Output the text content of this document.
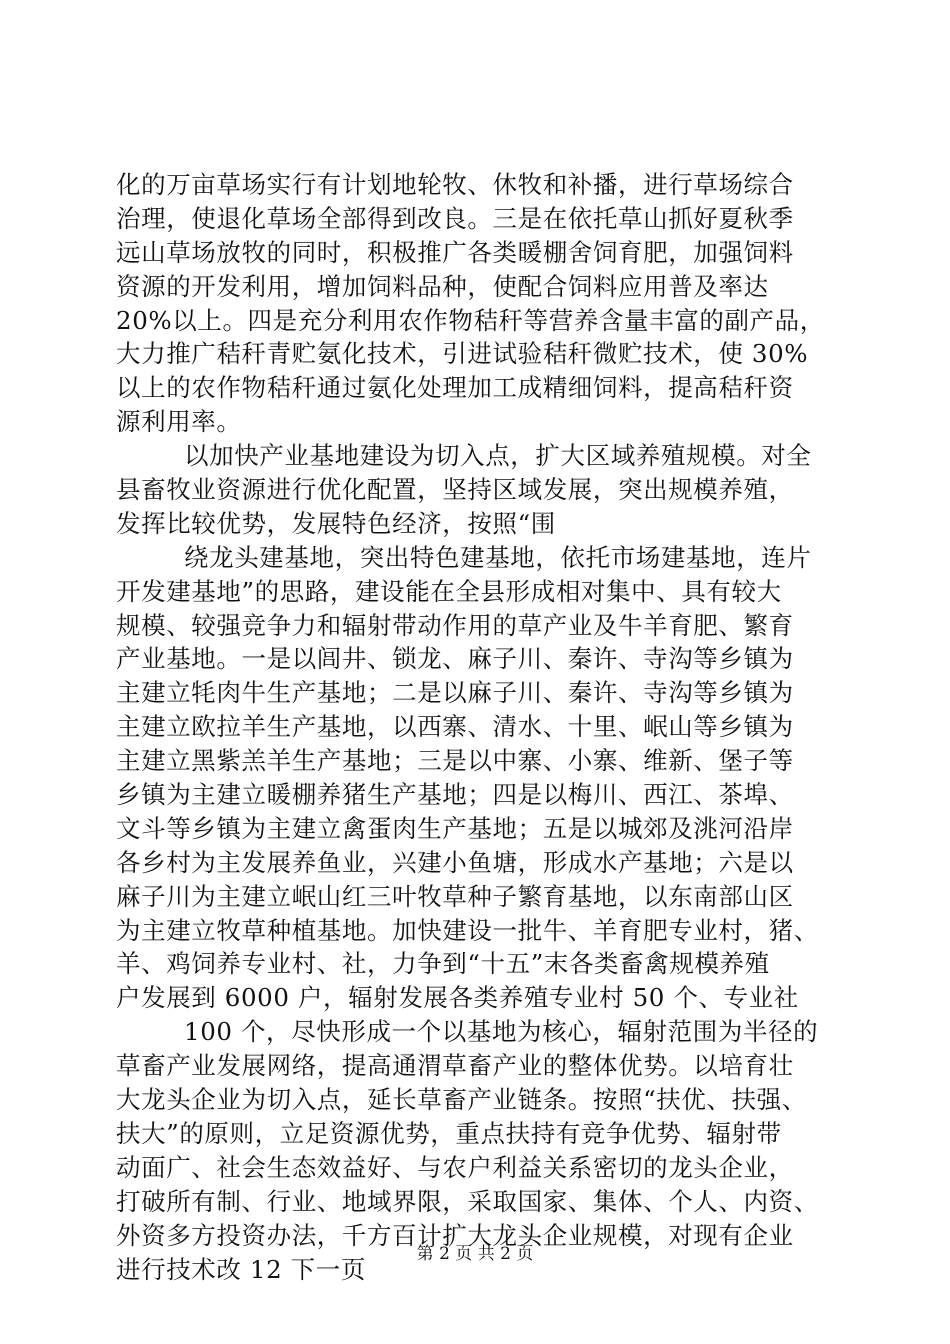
化的万亩草场实行有计划地轮牧、休牧和补播，进行草场综合
治理，使退化草场全部得到改良。三是在依托草山抓好夏秋季
远山草场放牧的同时，积极推广各类暖棚舍饲育肥，加强饲料
资源的开发利用，增加饲料品种，使配合饲料应用普及率达
20%以上。四是充分利用农作物秸秆等营养含量丰富的副产品，
大力推广秸秆青贮氨化技术，引进试验秸秆微贮技术，使 30%
以上的农作物秸秆通过氨化处理加工成精细饲料，提高秸秆资
源利用率。
以加快产业基地建设为切入点，扩大区域养殖规模。对全
县畜牧业资源进行优化配置，坚持区域发展，突出规模养殖，
发挥比较优势，发展特色经济，按照“围
绕龙头建基地，突出特色建基地，依托市场建基地，连片
开发建基地”的思路，建设能在全县形成相对集中、具有较大
规模、较强竞争力和辐射带动作用的草产业及牛羊育肥、繁育
产业基地。一是以闾井、锁龙、麻子川、秦许、寺沟等乡镇为
主建立牦肉牛生产基地；二是以麻子川、秦许、寺沟等乡镇为
主建立欧拉羊生产基地，以西寨、清水、十里、岷山等乡镇为
主建立黑紫羔羊生产基地；三是以中寨、小寨、维新、堡子等
乡镇为主建立暖棚养猪生产基地；四是以梅川、西江、茶埠、
文斗等乡镇为主建立禽蛋肉生产基地；五是以城郊及洮河沿岸
各乡村为主发展养鱼业，兴建小鱼塘，形成水产基地；六是以
麻子川为主建立岷山红三叶牧草种子繁育基地，以东南部山区
为主建立牧草种植基地。加快建设一批牛、羊育肥专业村，猪、
羊、鸡饲养专业村、社，力争到“十五”末各类畜禽规模养殖
户发展到 6000 户，辐射发展各类养殖专业村 50 个、专业社
100 个，尽快形成一个以基地为核心，辐射范围为半径的
草畜产业发展网络，提高通渭草畜产业的整体优势。以培育壮
大龙头企业为切入点，延长草畜产业链条。按照“扶优、扶强、
扶大”的原则，立足资源优势，重点扶持有竞争优势、辐射带
动面广、社会生态效益好、与农户利益关系密切的龙头企业，
打破所有制、行业、地域界限，采取国家、集体、个人、内资、
外资多方投资办法，千方百计扩大龙头企业规模，对现有企业
进行技术改 12 下一页
第 2 页 共 2 页
